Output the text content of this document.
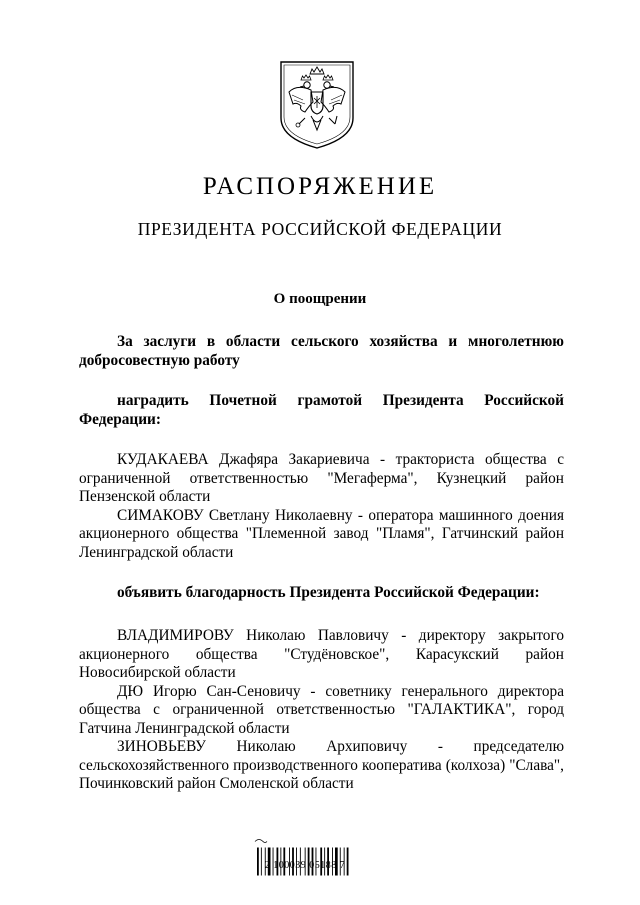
РАСПОРЯЖЕНИЕ
ПРЕЗИДЕНТА РОССИЙСКОЙ ФЕДЕРАЦИИ
О поощрении

За заслуги в области сельского хозяйства и многолетнюю добросовестную работу

наградить Почетной грамотой Президента Российской Федерации:

КУДАКАЕВА Джафяра Закариевича - тракториста общества с ограниченной ответственностью "Мегаферма", Кузнецкий район Пензенской области

СИМАКОВУ Светлану Николаевну - оператора машинного доения акционерного общества "Племенной завод "Пламя", Гатчинский район Ленинградской области

объявить благодарность Президента Российской Федерации:

ВЛАДИМИРОВУ Николаю Павловичу - директору закрытого акционерного общества "Студёновское", Карасукский район Новосибирской области

ДЮ Игорю Сан-Сеновичу - советнику генерального директора общества с ограниченной ответственностью "ГАЛАКТИКА", город Гатчина Ленинградской области

ЗИНОВЬЕВУ Николаю Архиповичу - председателю сельскохозяйственного производственного кооператива (колхоза) "Слава", Починковский район Смоленской области

2 100039 05188 7
